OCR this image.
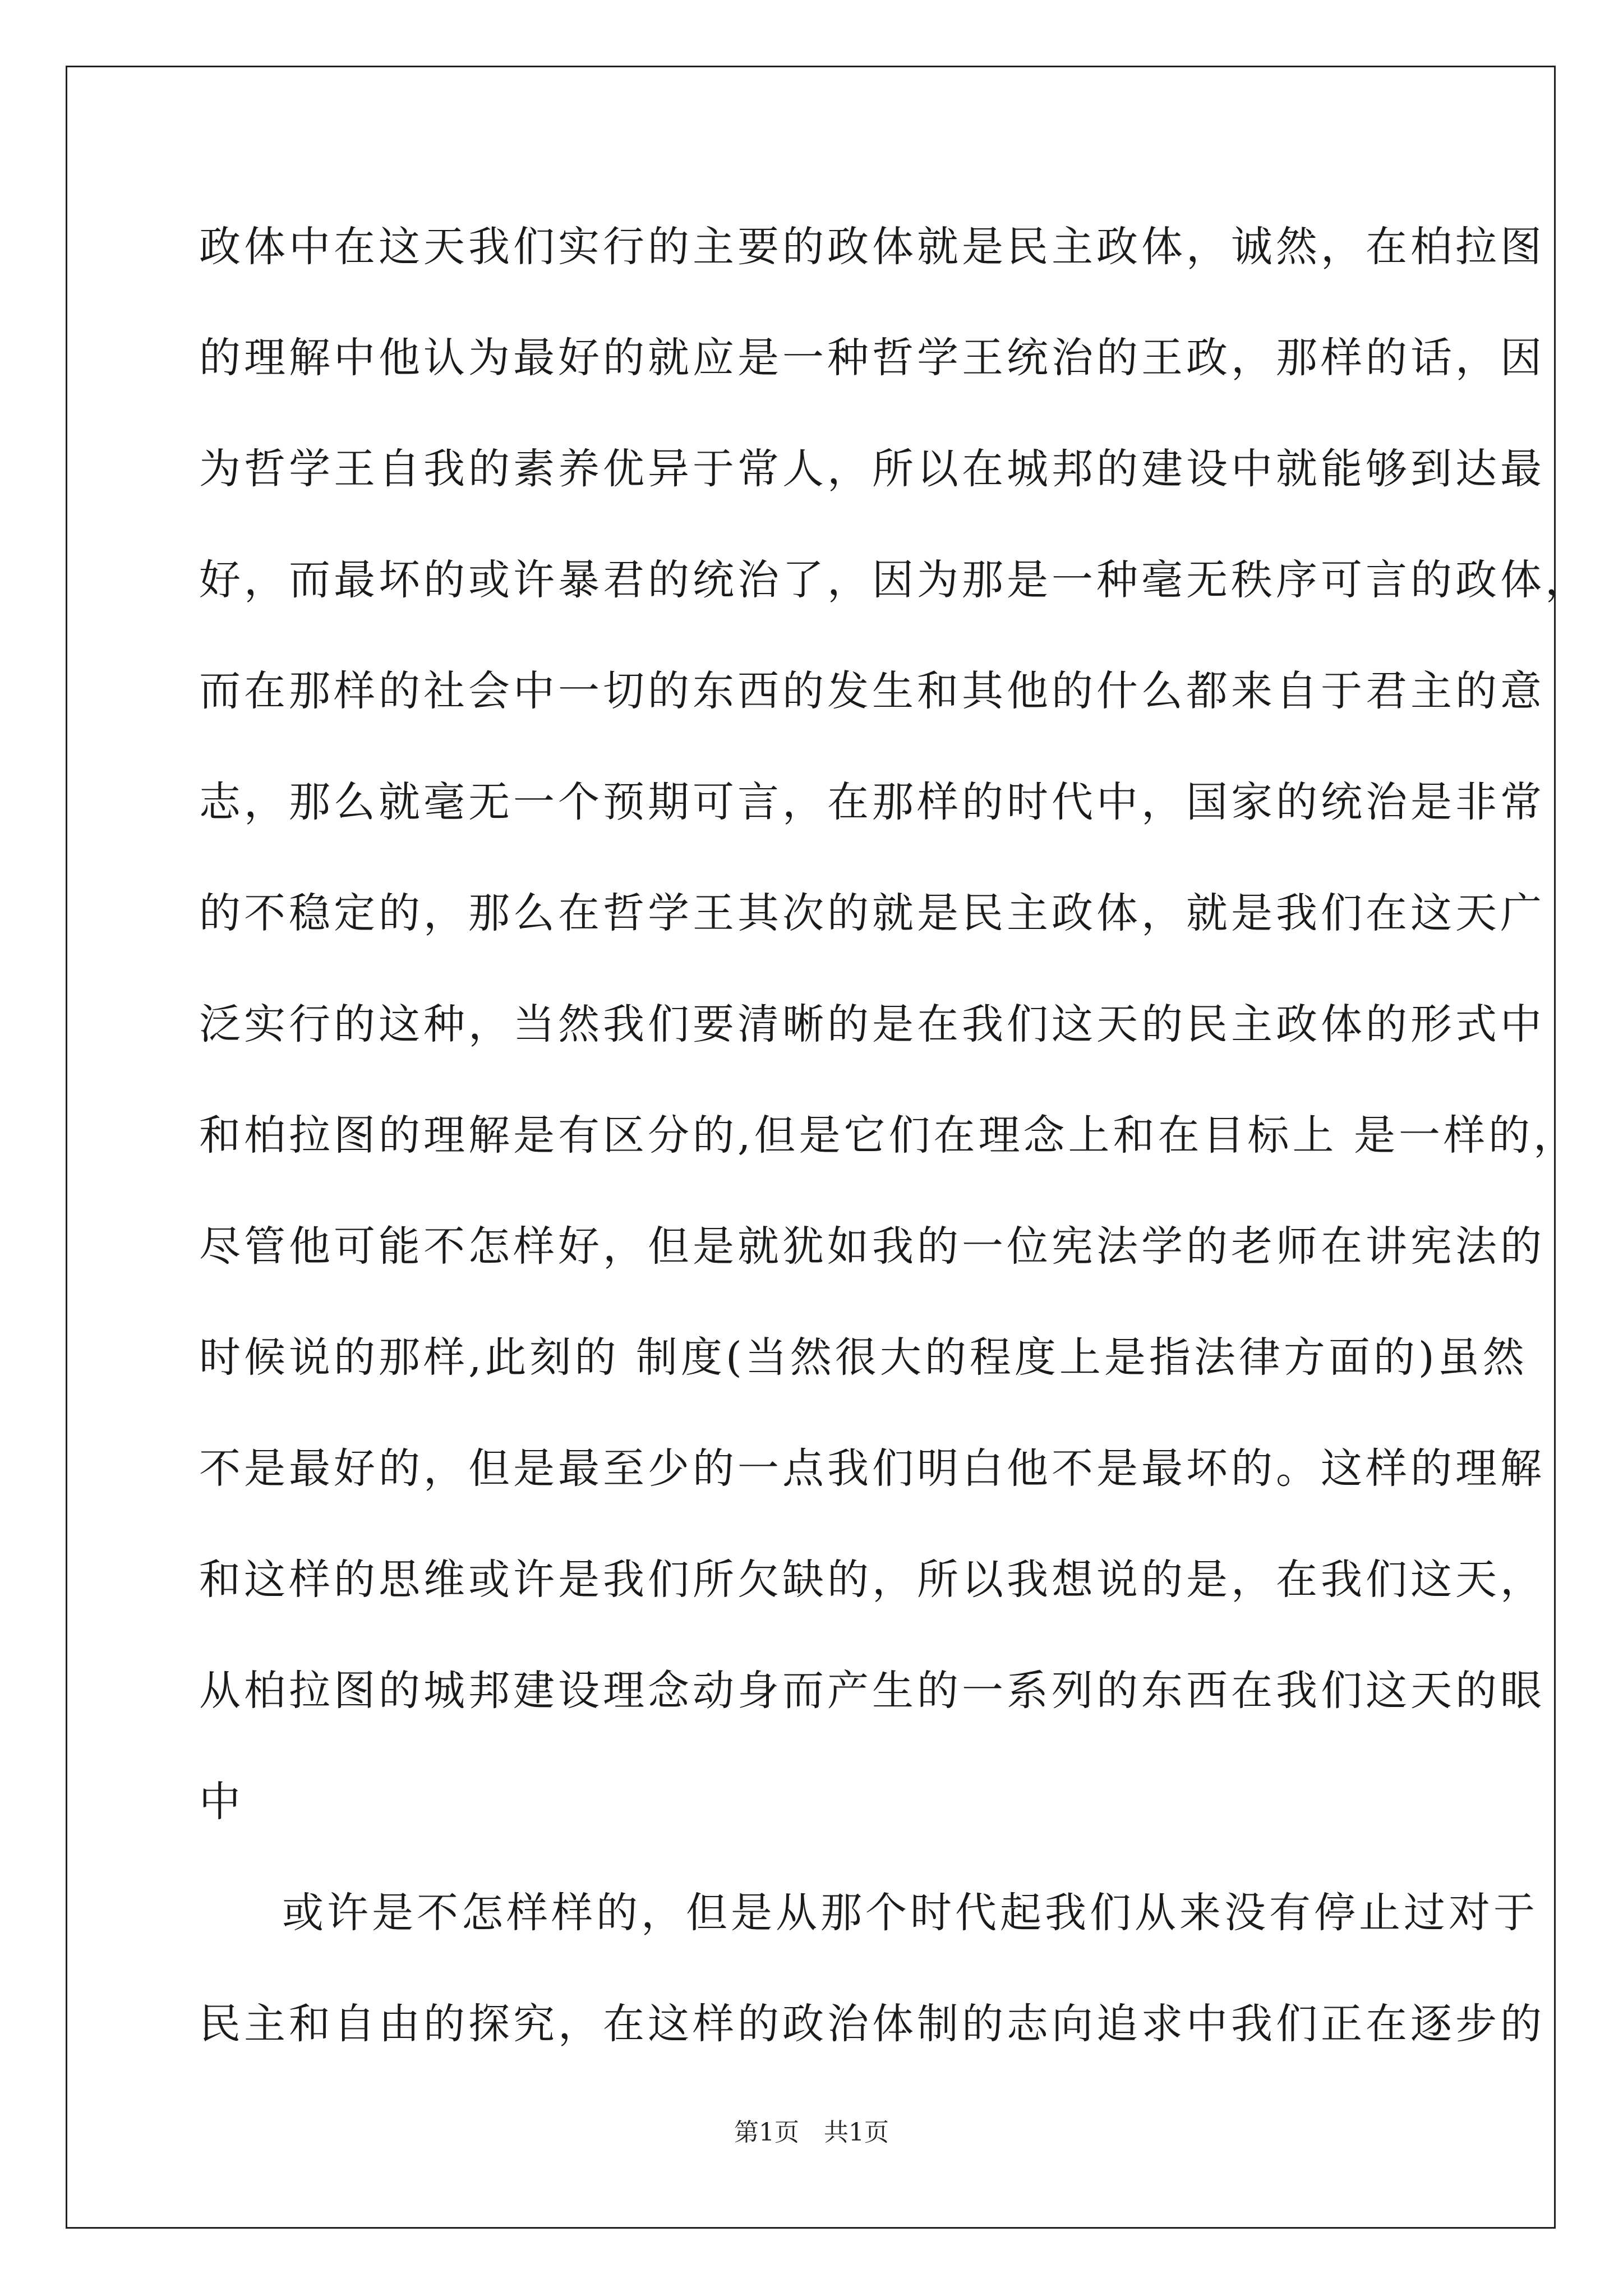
政体中在这天我们实行的主要的政体就是民主政体，诚然，在柏拉图
的理解中他认为最好的就应是一种哲学王统治的王政，那样的话，因
为哲学王自我的素养优异于常人，所以在城邦的建设中就能够到达最
好，而最坏的或许暴君的统治了，因为那是一种毫无秩序可言的政体，
而在那样的社会中一切的东西的发生和其他的什么都来自于君主的意
志，那么就毫无一个预期可言，在那样的时代中，国家的统治是非常
的不稳定的，那么在哲学王其次的就是民主政体，就是我们在这天广
泛实行的这种，当然我们要清晰的是在我们这天的民主政体的形式中
和柏拉图的理解是有区分的,但是它们在理念上和在目标上 是一样的，
尽管他可能不怎样好，但是就犹如我的一位宪法学的老师在讲宪法的
时候说的那样,此刻的 制度(当然很大的程度上是指法律方面的)虽然
不是最好的，但是最至少的一点我们明白他不是最坏的。这样的理解
和这样的思维或许是我们所欠缺的，所以我想说的是，在我们这天，
从柏拉图的城邦建设理念动身而产生的一系列的东西在我们这天的眼
中
或许是不怎样样的，但是从那个时代起我们从来没有停止过对于
民主和自由的探究，在这样的政治体制的志向追求中我们正在逐步的
第1页　共1页
